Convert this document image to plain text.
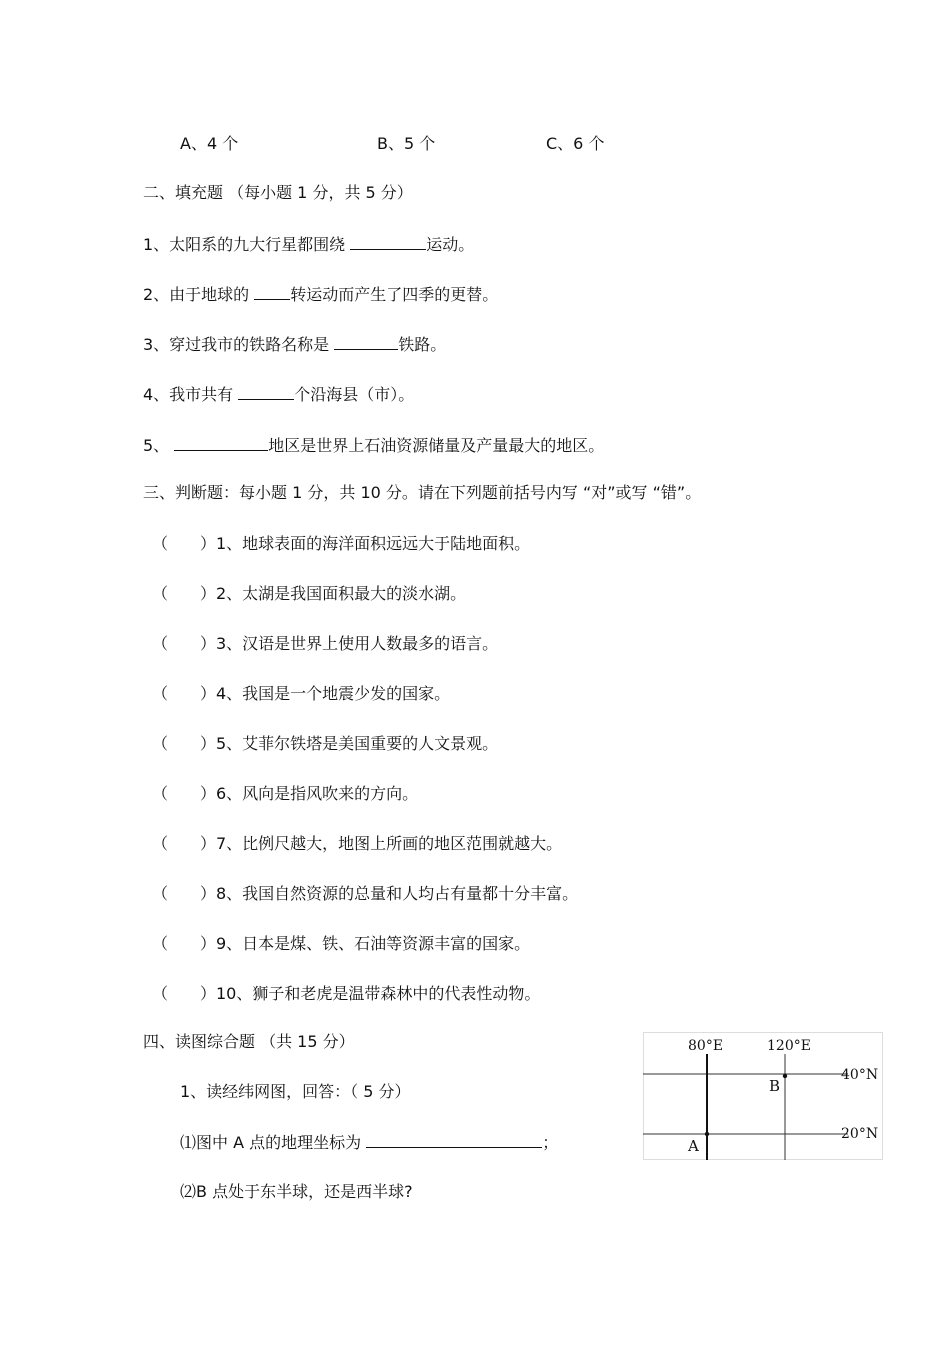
A、4 个	B、5 个	C、6 个
二、填充题 （每小题 1 分，共 5 分）
1、太阳系的九大行星都围绕	运动。
2、由于地球的	转运动而产生了四季的更替。
3、穿过我市的铁路名称是	铁路。
4、我市共有	个沿海县（市）。
5、	地区是世界上石油资源储量及产量最大的地区。
三、判断题：每小题 1 分，共 10 分。请在下列题前括号内写 “对”或写 “错”。
（ ）1、地球表面的海洋面积远远大于陆地面积。
（ ）2、太湖是我国面积最大的淡水湖。
（ ）3、汉语是世界上使用人数最多的语言。
（ ）4、我国是一个地震少发的国家。
（ ）5、艾菲尔铁塔是美国重要的人文景观。
（ ）6、风向是指风吹来的方向。
（ ）7、比例尺越大，地图上所画的地区范围就越大。
（ ）8、我国自然资源的总量和人均占有量都十分丰富。
（ ）9、日本是煤、铁、石油等资源丰富的国家。
（ ）10、狮子和老虎是温带森林中的代表性动物。
四、读图综合题 （共 15 分）
1、读经纬网图，回答：（ 5 分）
⑴图中 A 点的地理坐标为	；
⑵B 点处于东半球，还是西半球?
80°E	120°E
40°N
20°N
B
A
